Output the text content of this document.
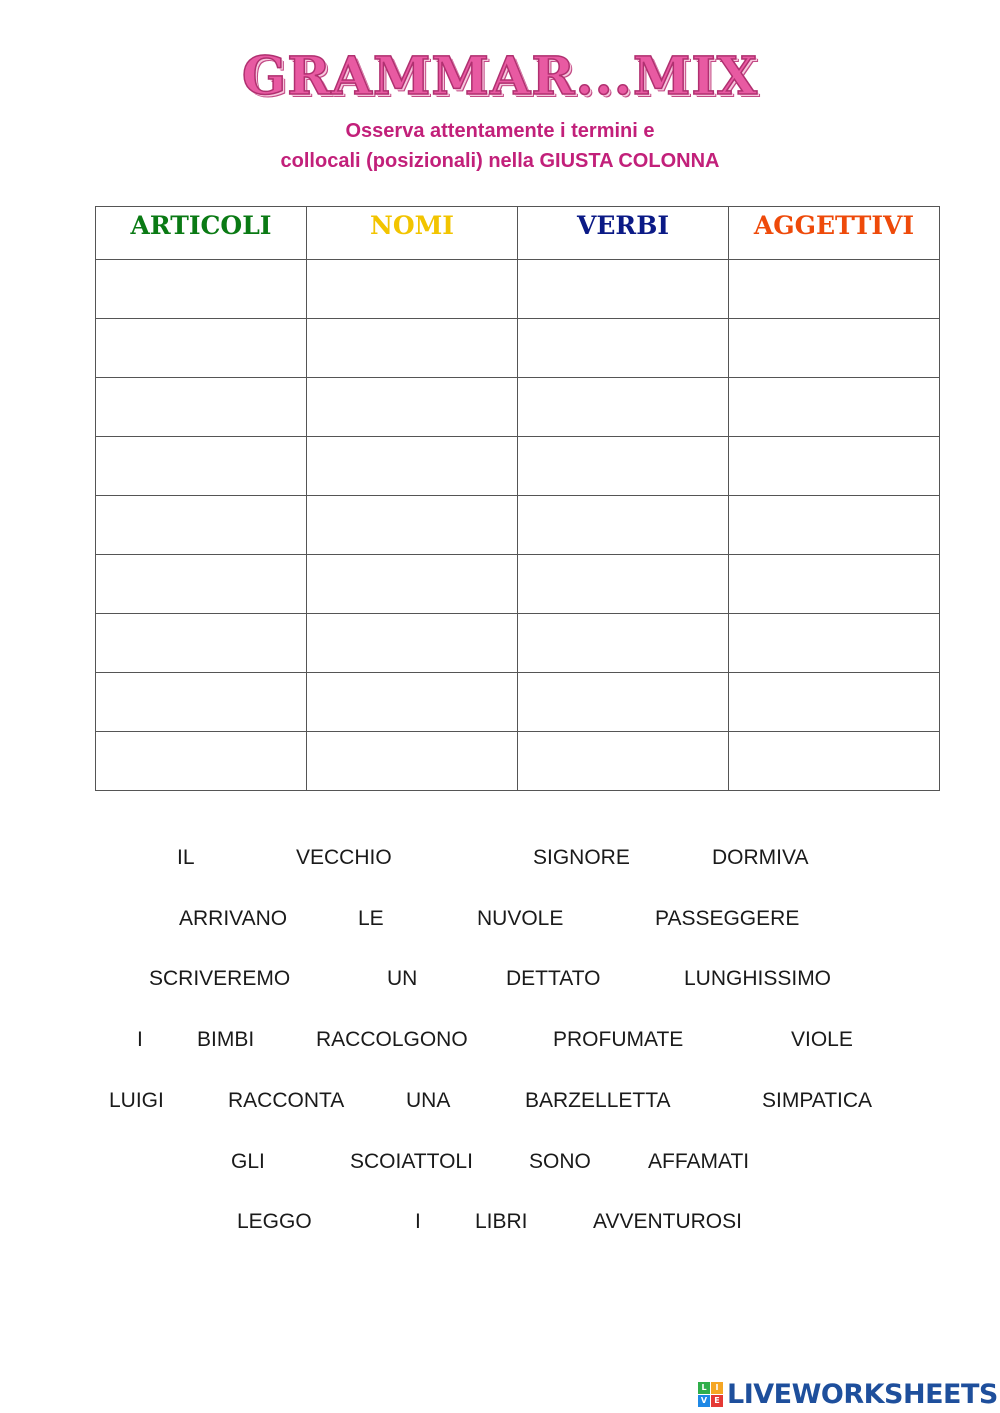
GRAMMAR...MIX
Osserva attentamente i termini e
collocali (posizionali) nella GIUSTA COLONNA
ARTICOLI	NOMI	VERBI	AGGETTIVI

IL	VECCHIO	SIGNORE	DORMIVA
ARRIVANO	LE	NUVOLE	PASSEGGERE
SCRIVEREMO	UN	DETTATO	LUNGHISSIMO
I	BIMBI	RACCOLGONO	PROFUMATE	VIOLE
LUIGI	RACCONTA	UNA	BARZELLETTA	SIMPATICA
GLI	SCOIATTOLI	SONO	AFFAMATI
LEGGO	I	LIBRI	AVVENTUROSI
L	I
V E LIVEWORKSHEETS
